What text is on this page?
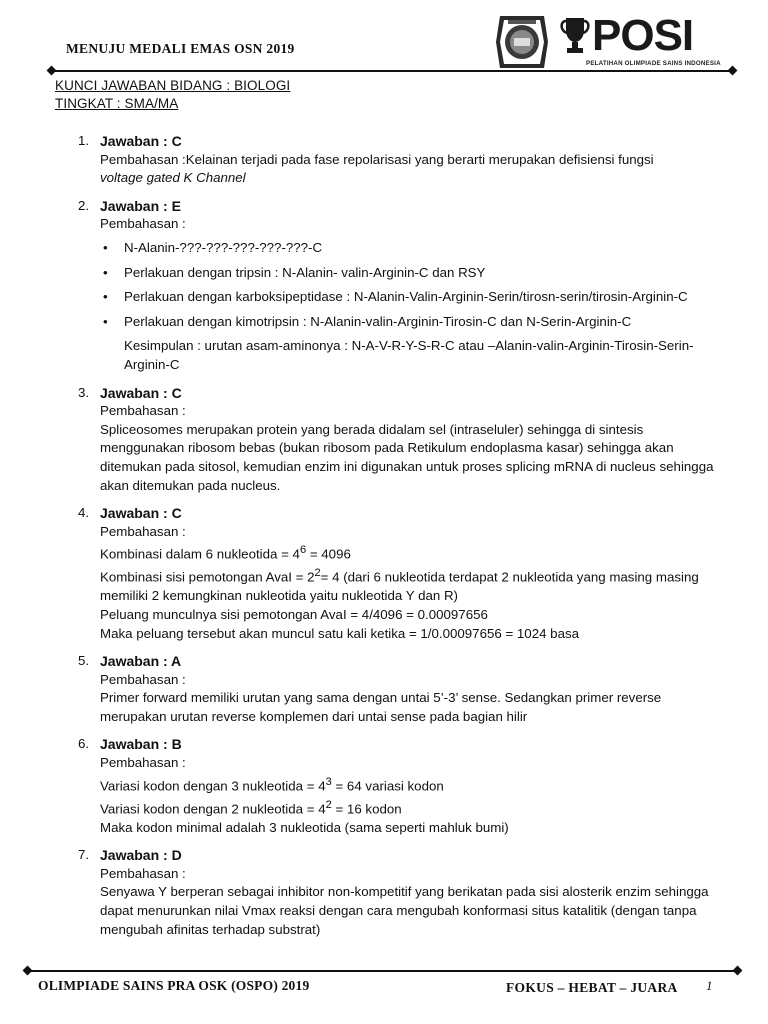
MENUJU MEDALI EMAS OSN 2019	POSI
PELATIHAN OLIMPIADE SAINS INDONESIA
KUNCI JAWABAN BIDANG : BIOLOGI
TINGKAT : SMA/MA
1. Jawaban : C

Pembahasan :Kelainan terjadi pada fase repolarisasi yang berarti merupakan defisiensi fungsi

voltage gated K Channel

2. Jawaban : E

Pembahasan :

• N-Alanin-???-???-???-???-???-C
• Perlakuan dengan tripsin : N-Alanin- valin-Arginin-C dan RSY
• Perlakuan dengan karboksipeptidase : N-Alanin-Valin-Arginin-Serin/tirosn-serin/tirosin-Arginin-C
• Perlakuan dengan kimotripsin : N-Alanin-valin-Arginin-Tirosin-C dan N-Serin-Arginin-C

Kesimpulan : urutan asam-aminonya : N-A-V-R-Y-S-R-C atau –Alanin-valin-Arginin-Tirosin-Serin-Arginin-C

3. Jawaban : C

Pembahasan :

Spliceosomes merupakan protein yang berada didalam sel (intraseluler) sehingga di sintesis menggunakan ribosom bebas (bukan ribosom pada Retikulum endoplasma kasar) sehingga akan ditemukan pada sitosol, kemudian enzim ini digunakan untuk proses splicing mRNA di nucleus sehingga akan ditemukan pada nucleus.

4. Jawaban : C

Pembahasan :

Kombinasi dalam 6 nukleotida = $4^6 = 4096$

Kombinasi sisi pemotongan AvaI = $2^2= 4$ (dari 6 nukleotida terdapat 2 nukleotida yang masing masing memiliki 2 kemungkinan nukleotida yaitu nukleotida Y dan R)

Peluang munculnya sisi pemotongan AvaI = 4/4096 = 0.00097656

Maka peluang tersebut akan muncul satu kali ketika = 1/0.00097656 = 1024 basa

5. Jawaban : A

Pembahasan :

Primer forward memiliki urutan yang sama dengan untai 5’-3’ sense. Sedangkan primer reverse merupakan urutan reverse komplemen dari untai sense pada bagian hilir

6. Jawaban : B

Pembahasan :

Variasi kodon dengan 3 nukleotida = $4^3 = 64$ variasi kodon

Variasi kodon dengan 2 nukleotida = $4^2 = 16$ kodon

Maka kodon minimal adalah 3 nukleotida (sama seperti mahluk bumi)

7. Jawaban : D

Pembahasan :

Senyawa Y berperan sebagai inhibitor non-kompetitif yang berikatan pada sisi alosterik enzim sehingga dapat menurunkan nilai Vmax reaksi dengan cara mengubah konformasi situs katalitik (dengan tanpa mengubah afinitas terhadap substrat)

OLIMPIADE SAINS PRA OSK (OSPO) 2019	FOKUS – HEBAT – JUARA 1
